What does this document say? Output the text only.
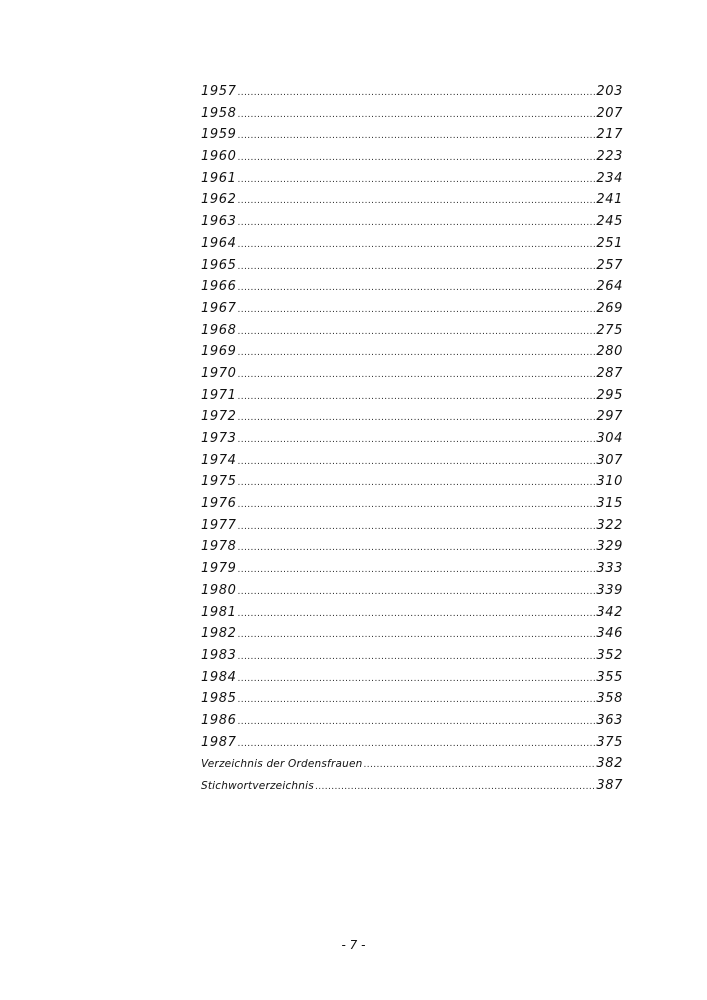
1957 .....	203
1958 .....	207
1959 .....	217
1960 .....	223
1961 .....	234
1962 .....	241
1963 .....	245
1964 .....	251
1965 .....	257
1966 .....	264
1967 .....	269
1968 .....	275
1969 .....	280
1970 .....	287
1971 .....	295
1972 .....	297
1973 .....	304
1974 .....	307
1975 .....	310
1976 .....	315
1977 .....	322
1978 .....	329
1979 .....	333
1980 .....	339
1981 .....	342
1982 .....	346
1983 .....	352
1984 .....	355
1985 .....	358
1986 .....	363
1987 .....	375
Verzeichnis der Ordensfrauen .....	382
Stichwortverzeichnis .....	387
- 7 -
